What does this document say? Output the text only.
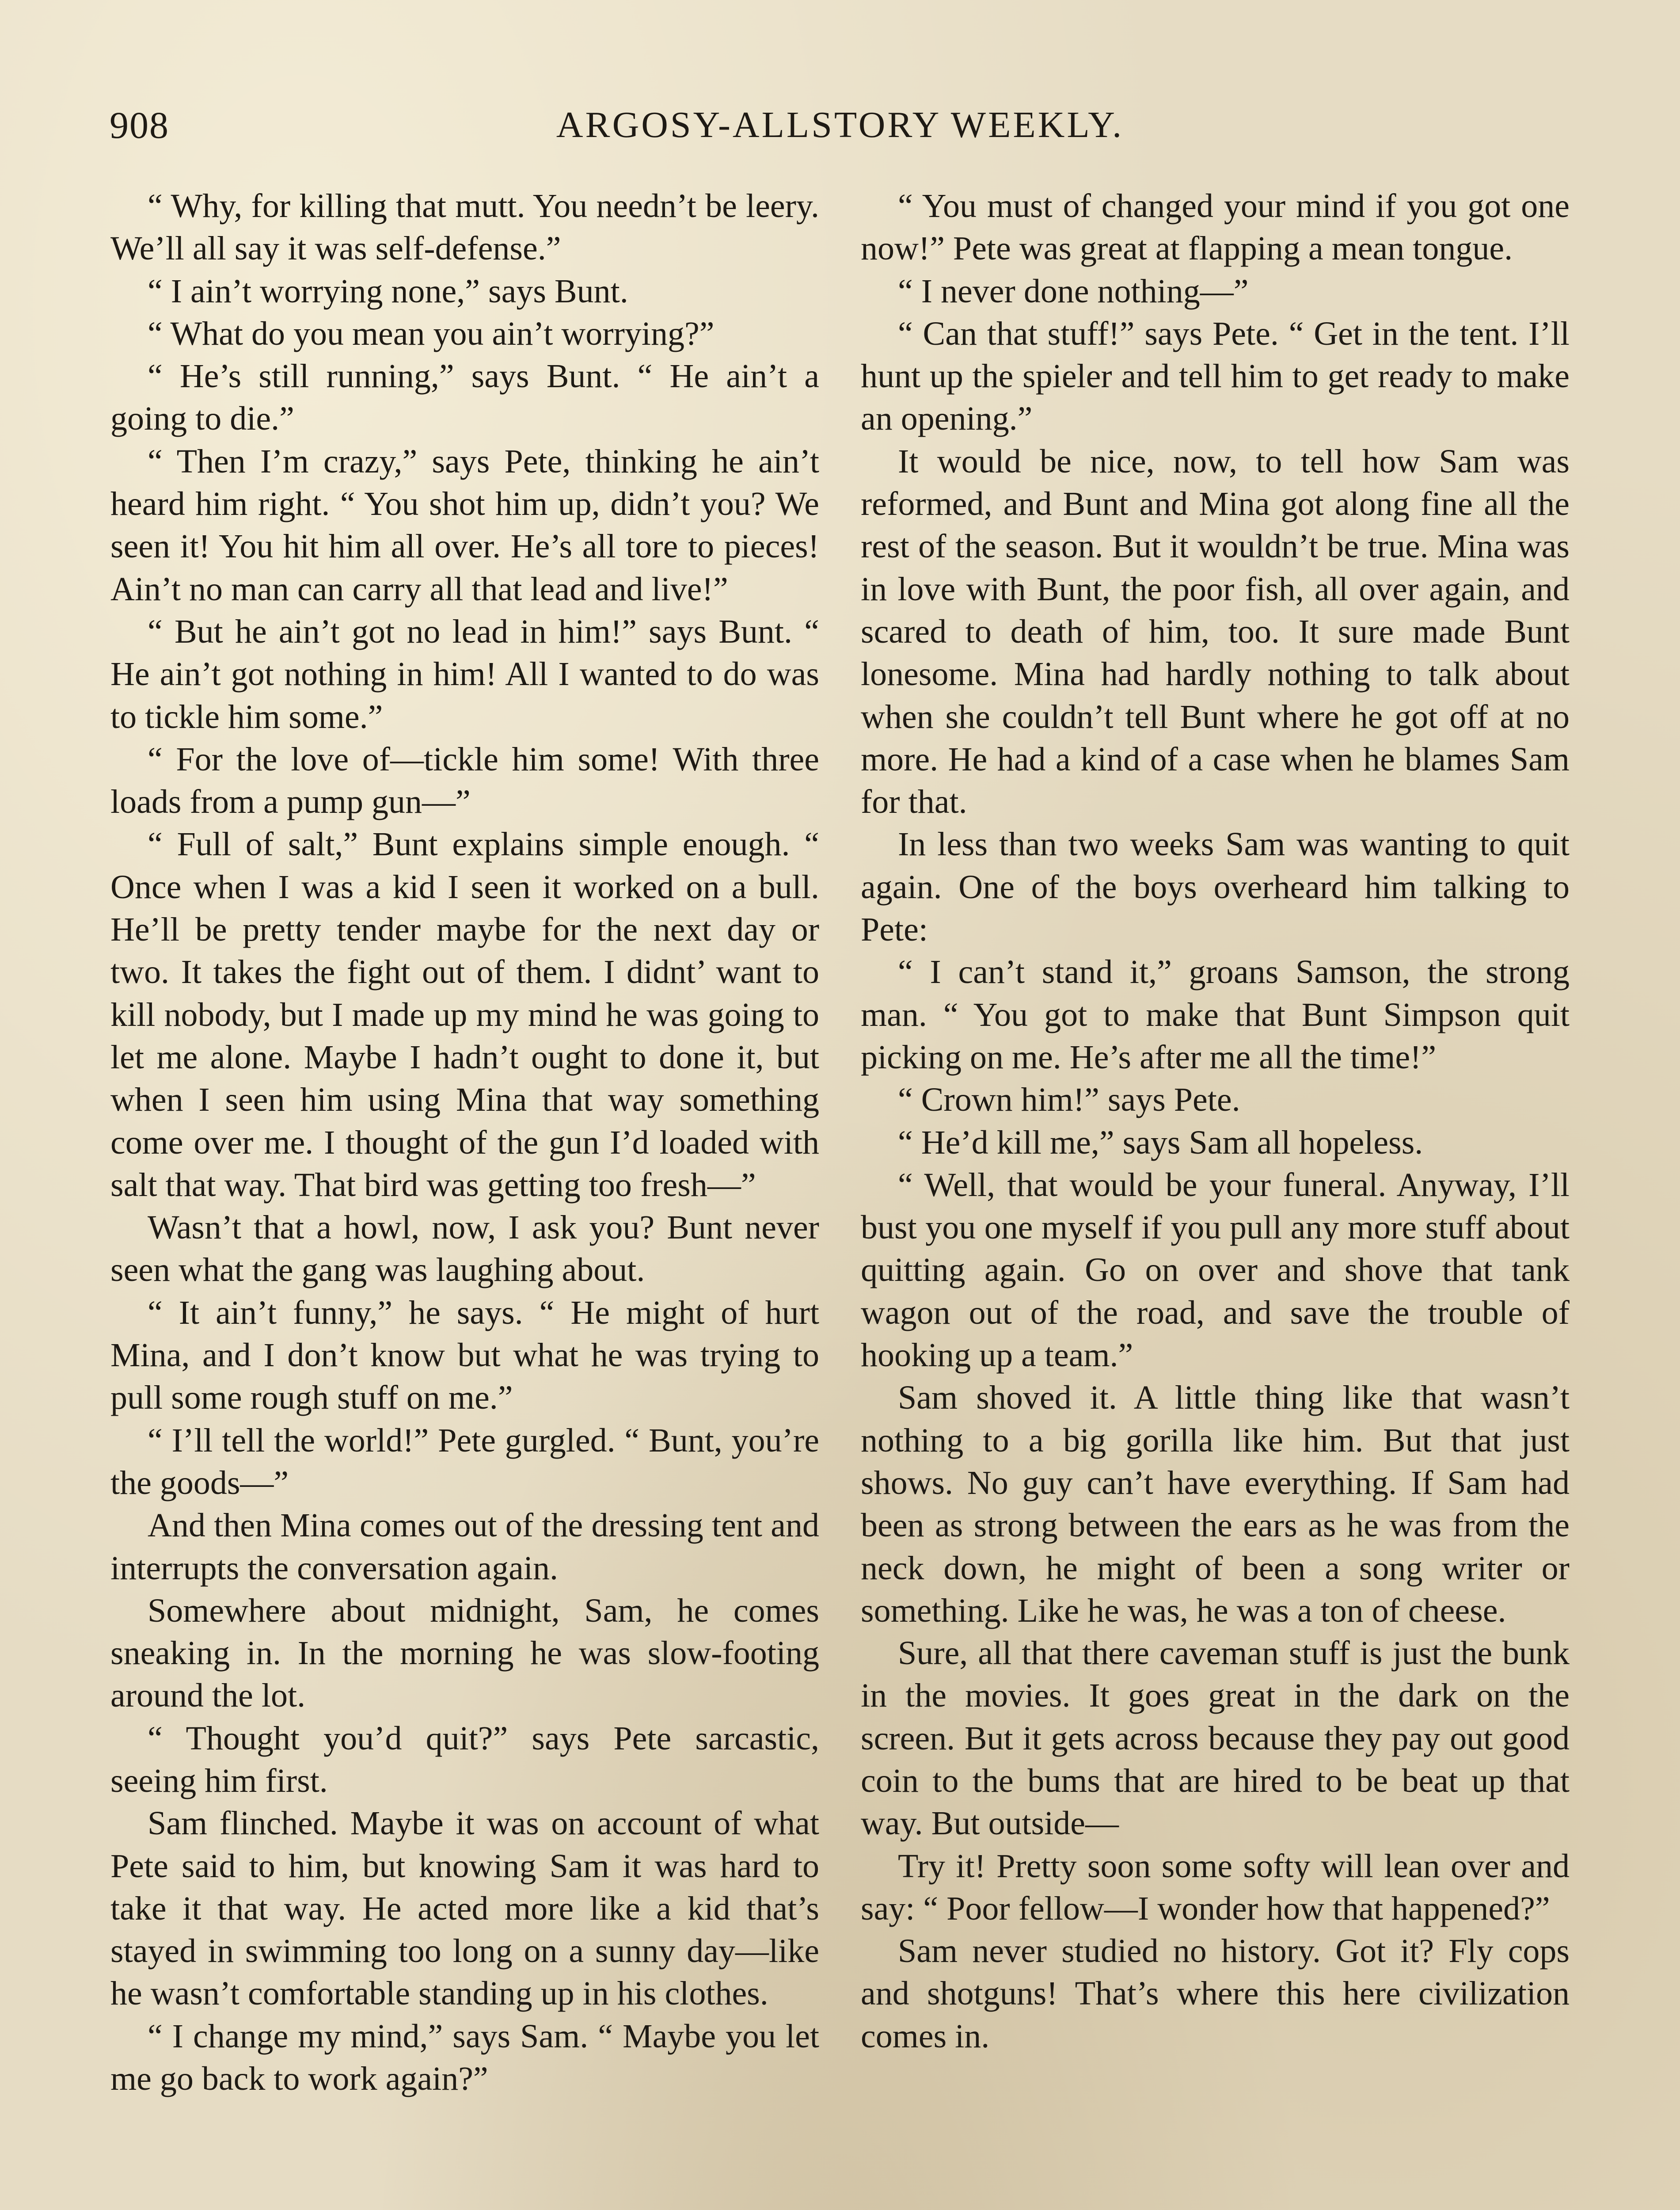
908	ARGOSY-ALLSTORY WEEKLY.

“ Why, for killing that mutt. You needn’t be leery. We’ll all say it was self-defense.”

“ I ain’t worrying none,” says Bunt.

“ What do you mean you ain’t worrying?”

“ He’s still running,” says Bunt. “ He ain’t a going to die.”

“ Then I’m crazy,” says Pete, thinking he ain’t heard him right. “ You shot him up, didn’t you? We seen it! You hit him all over. He’s all tore to pieces! Ain’t no man can carry all that lead and live!”

“ But he ain’t got no lead in him!” says Bunt. “ He ain’t got nothing in him! All I wanted to do was to tickle him some.”

“ For the love of—tickle him some! With three loads from a pump gun—”

“ Full of salt,” Bunt explains simple enough. “ Once when I was a kid I seen it worked on a bull. He’ll be pretty tender maybe for the next day or two. It takes the fight out of them. I didnt’ want to kill nobody, but I made up my mind he was going to let me alone. Maybe I hadn’t ought to done it, but when I seen him using Mina that way something come over me. I thought of the gun I’d loaded with salt that way. That bird was getting too fresh—”

Wasn’t that a howl, now, I ask you? Bunt never seen what the gang was laughing about.

“ It ain’t funny,” he says. “ He might of hurt Mina, and I don’t know but what he was trying to pull some rough stuff on me.”

“ I’ll tell the world!” Pete gurgled. “ Bunt, you’re the goods—”

And then Mina comes out of the dressing tent and interrupts the conversation again.

Somewhere about midnight, Sam, he comes sneaking in. In the morning he was slow-footing around the lot.

“ Thought you’d quit?” says Pete sarcastic, seeing him first.

Sam flinched. Maybe it was on account of what Pete said to him, but knowing Sam it was hard to take it that way. He acted more like a kid that’s stayed in swimming too long on a sunny day—like he wasn’t comfortable standing up in his clothes.

“ I change my mind,” says Sam. “ Maybe you let me go back to work again?”

“ You must of changed your mind if you got one now!” Pete was great at flapping a mean tongue.

“ I never done nothing—”

“ Can that stuff!” says Pete. “ Get in the tent. I’ll hunt up the spieler and tell him to get ready to make an opening.”

It would be nice, now, to tell how Sam was reformed, and Bunt and Mina got along fine all the rest of the season. But it wouldn’t be true. Mina was in love with Bunt, the poor fish, all over again, and scared to death of him, too. It sure made Bunt lonesome. Mina had hardly nothing to talk about when she couldn’t tell Bunt where he got off at no more. He had a kind of a case when he blames Sam for that.

In less than two weeks Sam was wanting to quit again. One of the boys overheard him talking to Pete:

“ I can’t stand it,” groans Samson, the strong man. “ You got to make that Bunt Simpson quit picking on me. He’s after me all the time!”

“ Crown him!” says Pete.

“ He’d kill me,” says Sam all hopeless.

“ Well, that would be your funeral. Anyway, I’ll bust you one myself if you pull any more stuff about quitting again. Go on over and shove that tank wagon out of the road, and save the trouble of hooking up a team.”

Sam shoved it. A little thing like that wasn’t nothing to a big gorilla like him. But that just shows. No guy can’t have everything. If Sam had been as strong between the ears as he was from the neck down, he might of been a song writer or something. Like he was, he was a ton of cheese.

Sure, all that there caveman stuff is just the bunk in the movies. It goes great in the dark on the screen. But it gets across because they pay out good coin to the bums that are hired to be beat up that way. But outside—

Try it! Pretty soon some softy will lean over and say: “ Poor fellow—I wonder how that happened?”

Sam never studied no history. Got it? Fly cops and shotguns! That’s where this here civilization comes in.
